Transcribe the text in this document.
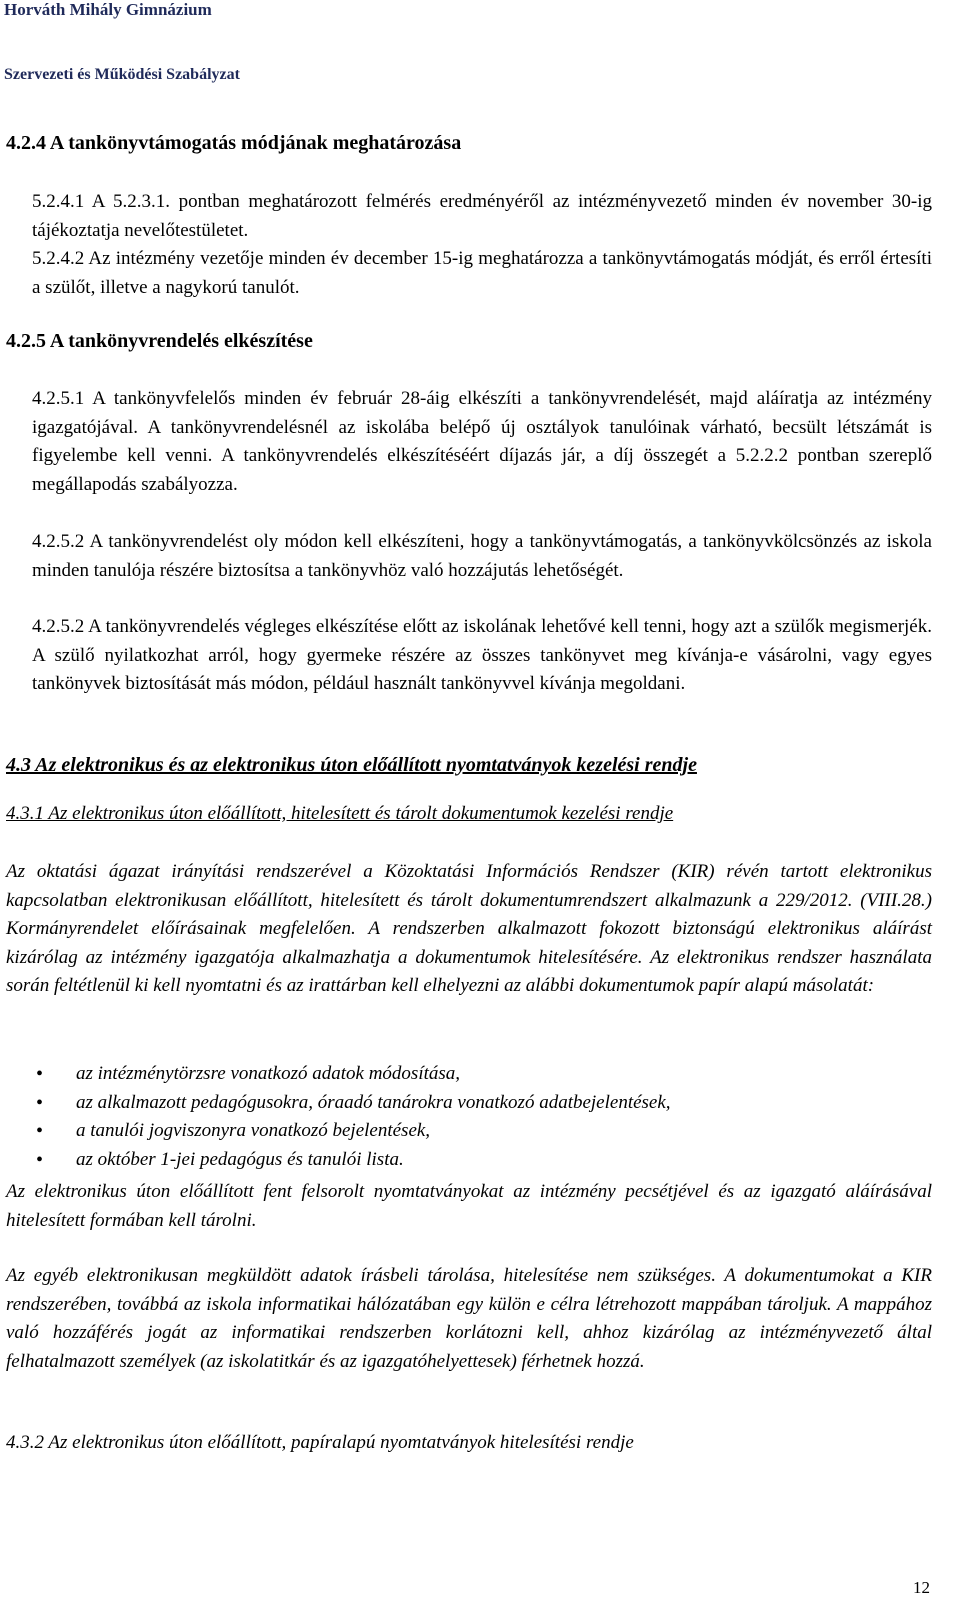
Horváth Mihály Gimnázium
Szervezeti és Működési Szabályzat
4.2.4 A tankönyvtámogatás módjának meghatározása

5.2.4.1 A 5.2.3.1. pontban meghatározott felmérés eredményéről az intézményvezető minden év november 30-ig tájékoztatja nevelőtestületet.

5.2.4.2 Az intézmény vezetője minden év december 15-ig meghatározza a tankönyvtámogatás módját, és erről értesíti a szülőt, illetve a nagykorú tanulót.

4.2.5 A tankönyvrendelés elkészítése

4.2.5.1 A tankönyvfelelős minden év február 28-áig elkészíti a tankönyvrendelését, majd aláíratja az intézmény igazgatójával. A tankönyvrendelésnél az iskolába belépő új osztályok tanulóinak várható, becsült létszámát is figyelembe kell venni. A tankönyvrendelés elkészítéséért díjazás jár, a díj összegét a 5.2.2.2 pontban szereplő megállapodás szabályozza.

4.2.5.2 A tankönyvrendelést oly módon kell elkészíteni, hogy a tankönyvtámogatás, a tankönyvkölcsönzés az iskola minden tanulója részére biztosítsa a tankönyvhöz való hozzájutás lehetőségét.

4.2.5.2 A tankönyvrendelés végleges elkészítése előtt az iskolának lehetővé kell tenni, hogy azt a szülők megismerjék. A szülő nyilatkozhat arról, hogy gyermeke részére az összes tankönyvet meg kívánja-e vásárolni, vagy egyes tankönyvek biztosítását más módon, például használt tankönyvvel kívánja megoldani.

4.3 Az elektronikus és az elektronikus úton előállított nyomtatványok kezelési rendje
4.3.1 Az elektronikus úton előállított, hitelesített és tárolt dokumentumok kezelési rendje

Az oktatási ágazat irányítási rendszerével a Közoktatási Információs Rendszer (KIR) révén tartott elektronikus kapcsolatban elektronikusan előállított, hitelesített és tárolt dokumentumrendszert alkalmazunk a 229/2012. (VIII.28.) Kormányrendelet előírásainak megfelelően. A rendszerben alkalmazott fokozott biztonságú elektronikus aláírást kizárólag az intézmény igazgatója alkalmazhatja a dokumentumok hitelesítésére. Az elektronikus rendszer használata során feltétlenül ki kell nyomtatni és az irattárban kell elhelyezni az alábbi dokumentumok papír alapú másolatát:

• az intézménytörzsre vonatkozó adatok módosítása,
• az alkalmazott pedagógusokra, óraadó tanárokra vonatkozó adatbejelentések,
• a tanulói jogviszonyra vonatkozó bejelentések,
• az október 1-jei pedagógus és tanulói lista.

Az elektronikus úton előállított fent felsorolt nyomtatványokat az intézmény pecsétjével és az igazgató aláírásával hitelesített formában kell tárolni.

Az egyéb elektronikusan megküldött adatok írásbeli tárolása, hitelesítése nem szükséges. A dokumentumokat a KIR rendszerében, továbbá az iskola informatikai hálózatában egy külön e célra létrehozott mappában tároljuk. A mappához való hozzáférés jogát az informatikai rendszerben korlátozni kell, ahhoz kizárólag az intézményvezető által felhatalmazott személyek (az iskolatitkár és az igazgatóhelyettesek) férhetnek hozzá.

4.3.2 Az elektronikus úton előállított, papíralapú nyomtatványok hitelesítési rendje
12
